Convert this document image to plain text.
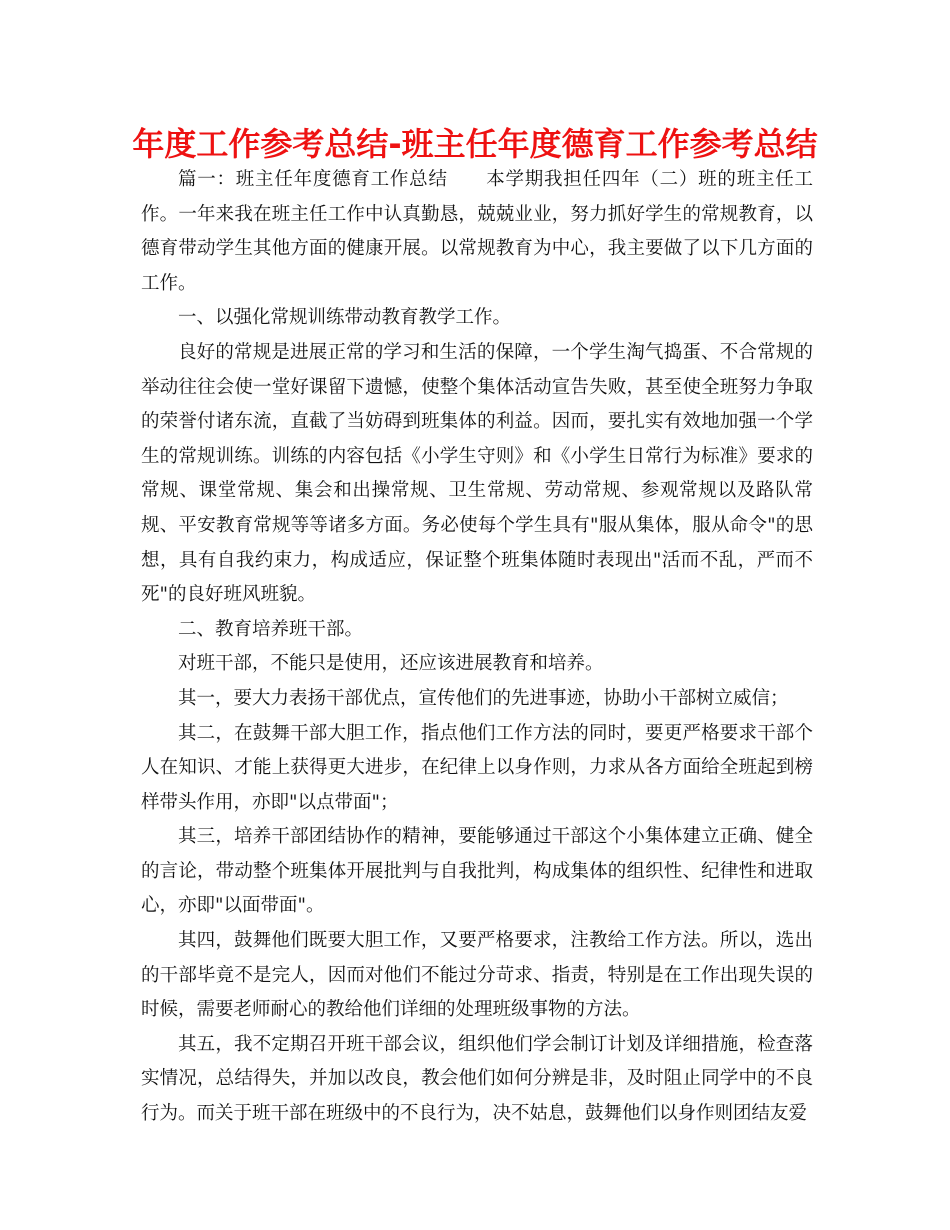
年度工作参考总结-班主任年度德育工作参考总结

篇一：班主任年度德育工作总结　　本学期我担任四年（二）班的班主任工作。一年来我在班主任工作中认真勤恳，兢兢业业，努力抓好学生的常规教育，以德育带动学生其他方面的健康开展。以常规教育为中心，我主要做了以下几方面的工作。

一、以强化常规训练带动教育教学工作。

良好的常规是进展正常的学习和生活的保障，一个学生淘气捣蛋、不合常规的举动往往会使一堂好课留下遗憾，使整个集体活动宣告失败，甚至使全班努力争取的荣誉付诸东流，直截了当妨碍到班集体的利益。因而，要扎实有效地加强一个学生的常规训练。训练的内容包括《小学生守则》和《小学生日常行为标准》要求的常规、课堂常规、集会和出操常规、卫生常规、劳动常规、参观常规以及路队常规、平安教育常规等等诸多方面。务必使每个学生具有"服从集体，服从命令"的思想，具有自我约束力，构成适应，保证整个班集体随时表现出"活而不乱，严而不死"的良好班风班貌。

二、教育培养班干部。

对班干部，不能只是使用，还应该进展教育和培养。

其一，要大力表扬干部优点，宣传他们的先进事迹，协助小干部树立威信；

其二，在鼓舞干部大胆工作，指点他们工作方法的同时，要更严格要求干部个人在知识、才能上获得更大进步，在纪律上以身作则，力求从各方面给全班起到榜样带头作用，亦即"以点带面"；

其三，培养干部团结协作的精神，要能够通过干部这个小集体建立正确、健全的言论，带动整个班集体开展批判与自我批判，构成集体的组织性、纪律性和进取心，亦即"以面带面"。

其四，鼓舞他们既要大胆工作，又要严格要求，注教给工作方法。所以，选出的干部毕竟不是完人，因而对他们不能过分苛求、指责，特别是在工作出现失误的时候，需要老师耐心的教给他们详细的处理班级事物的方法。

其五，我不定期召开班干部会议，组织他们学会制订计划及详细措施，检查落实情况，总结得失，并加以改良，教会他们如何分辨是非，及时阻止同学中的不良行为。而关于班干部在班级中的不良行为，决不姑息，鼓舞他们以身作则团结友爱
